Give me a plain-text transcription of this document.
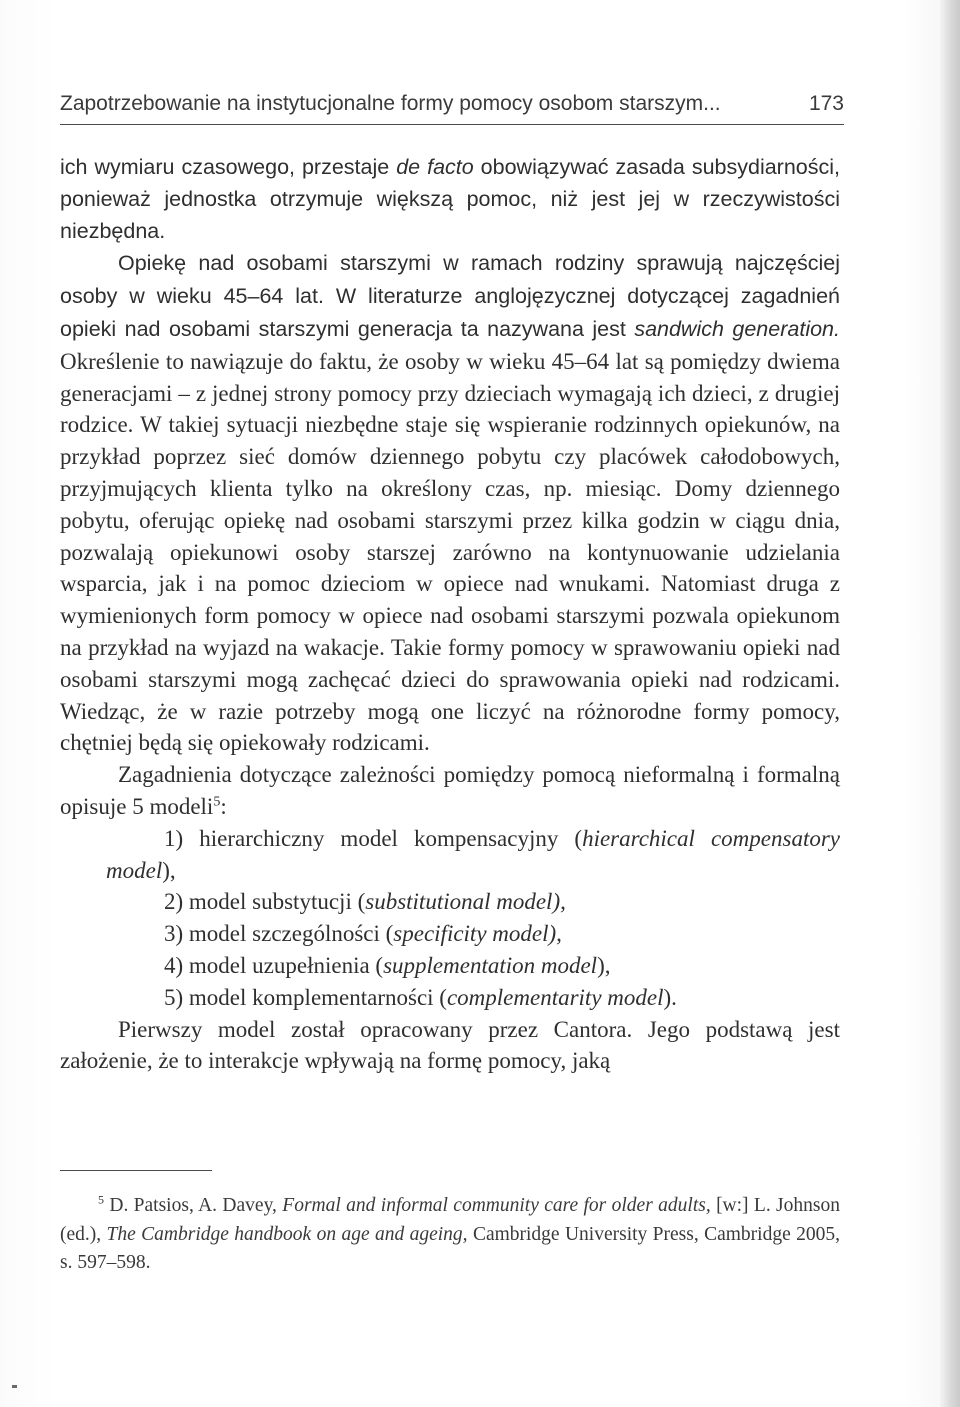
Zapotrzebowanie na instytucjonalne formy pomocy osobom starszym...	173

ich wymiaru czasowego, przestaje de facto obowiązywać zasada subsydiarności, ponieważ jednostka otrzymuje większą pomoc, niż jest jej w rzeczywistości niezbędna.

Opiekę nad osobami starszymi w ramach rodziny sprawują najczęściej osoby w wieku 45–64 lat. W literaturze anglojęzycznej dotyczącej zagadnień opieki nad osobami starszymi generacja ta nazywana jest sandwich generation. Określenie to nawiązuje do faktu, że osoby w wieku 45–64 lat są pomiędzy dwiema generacjami – z jednej strony pomocy przy dzieciach wymagają ich dzieci, z drugiej rodzice. W takiej sytuacji niezbędne staje się wspieranie rodzinnych opiekunów, na przykład poprzez sieć domów dziennego pobytu czy placówek całodobowych, przyjmujących klienta tylko na określony czas, np. miesiąc. Domy dziennego pobytu, oferując opiekę nad osobami starszymi przez kilka godzin w ciągu dnia, pozwalają opiekunowi osoby starszej zarówno na kontynuowanie udzielania wsparcia, jak i na pomoc dzieciom w opiece nad wnukami. Natomiast druga z wymienionych form pomocy w opiece nad osobami starszymi pozwala opiekunom na przykład na wyjazd na wakacje. Takie formy pomocy w sprawowaniu opieki nad osobami starszymi mogą zachęcać dzieci do sprawowania opieki nad rodzicami. Wiedząc, że w razie potrzeby mogą one liczyć na różnorodne formy pomocy, chętniej będą się opiekowały rodzicami.

Zagadnienia dotyczące zależności pomiędzy pomocą nieformalną i formalną opisuje 5 modeli$^5$:

1) hierarchiczny model kompensacyjny (hierarchical compensatory model),
2) model substytucji (substitutional model),
3) model szczególności (specificity model),
4) model uzupełnienia (supplementation model),
5) model komplementarności (complementarity model).

Pierwszy model został opracowany przez Cantora. Jego podstawą jest założenie, że to interakcje wpływają na formę pomocy, jaką

$^5$ D. Patsios, A. Davey, Formal and informal community care for older adults, [w:] L. Johnson (ed.), The Cambridge handbook on age and ageing, Cambridge University Press, Cambridge 2005, s. 597–598.
